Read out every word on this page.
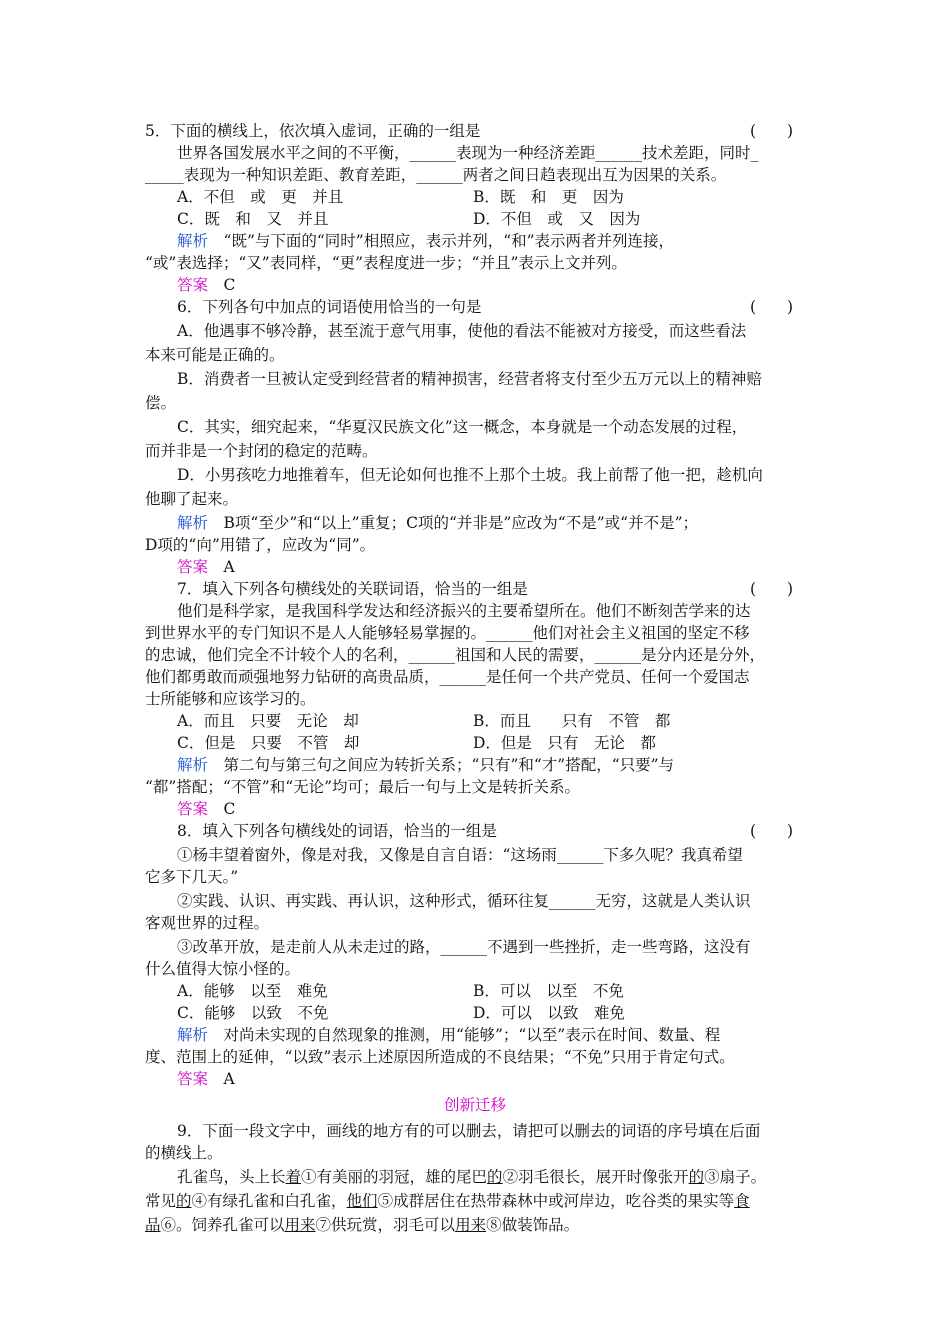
5．下面的横线上，依次填入虚词，正确的一组是	(　　)
世界各国发展水平之间的不平衡，______表现为一种经济差距______技术差距，同时_
_____表现为一种知识差距、教育差距，______两者之间日趋表现出互为因果的关系。
A．不但　或　更　并且	B．既　和　更　因为
C．既　和　又　并且	D．不但　或　又　因为
解析　“既”与下面的“同时”相照应，表示并列，“和”表示两者并列连接，
“或”表选择；“又”表同样，“更”表程度进一步；“并且”表示上文并列。
答案　C
6．下列各句中加点的词语使用恰当的一句是	(　　)
A．他遇事不够冷静，甚至流于意气用事，使他的看法不能被对方接受，而这些看法
本来可能是正确的。
B．消费者一旦被认定受到经营者的精神损害，经营者将支付至少五万元以上的精神赔
偿。
C．其实，细究起来，“华夏汉民族文化”这一概念，本身就是一个动态发展的过程，
而并非是一个封闭的稳定的范畴。
D．小男孩吃力地推着车，但无论如何也推不上那个土坡。我上前帮了他一把，趁机向
他聊了起来。
解析　B项“至少”和“以上”重复；C项的“并非是”应改为“不是”或“并不是”；
D项的“向”用错了，应改为“同”。
答案　A
7．填入下列各句横线处的关联词语，恰当的一组是	(　　)
他们是科学家，是我国科学发达和经济振兴的主要希望所在。他们不断刻苦学来的达
到世界水平的专门知识不是人人能够轻易掌握的。______他们对社会主义祖国的坚定不移
的忠诚，他们完全不计较个人的名利，______祖国和人民的需要，______是分内还是分外，
他们都勇敢而顽强地努力钻研的高贵品质，______是任何一个共产党员、任何一个爱国志
士所能够和应该学习的。
A．而且　只要　无论　却	B．而且　　只有　不管　都
C．但是　只要　不管　却	D．但是　只有　无论　都
解析　第二句与第三句之间应为转折关系；“只有”和“才”搭配，“只要”与
“都”搭配；“不管”和“无论”均可；最后一句与上文是转折关系。
答案　C
8．填入下列各句横线处的词语，恰当的一组是	(　　)
①杨丰望着窗外，像是对我，又像是自言自语：“这场雨______下多久呢？我真希望
它多下几天。”
②实践、认识、再实践、再认识，这种形式，循环往复______无穷，这就是人类认识
客观世界的过程。
③改革开放，是走前人从未走过的路，______不遇到一些挫折，走一些弯路，这没有
什么值得大惊小怪的。
A．能够　以至　难免	B．可以　以至　不免
C．能够　以致　不免	D．可以　以致　难免
解析　对尚未实现的自然现象的推测，用“能够”；“以至”表示在时间、数量、程
度、范围上的延伸，“以致”表示上述原因所造成的不良结果；“不免”只用于肯定句式。
答案　A
创新迁移
9．下面一段文字中，画线的地方有的可以删去，请把可以删去的词语的序号填在后面
的横线上。
孔雀鸟，头上长着①有美丽的羽冠，雄的尾巴的②羽毛很长，展开时像张开的③扇子。
常见的④有绿孔雀和白孔雀，他们⑤成群居住在热带森林中或河岸边，吃谷类的果实等食
品⑥。饲养孔雀可以用来⑦供玩赏，羽毛可以用来⑧做装饰品。
